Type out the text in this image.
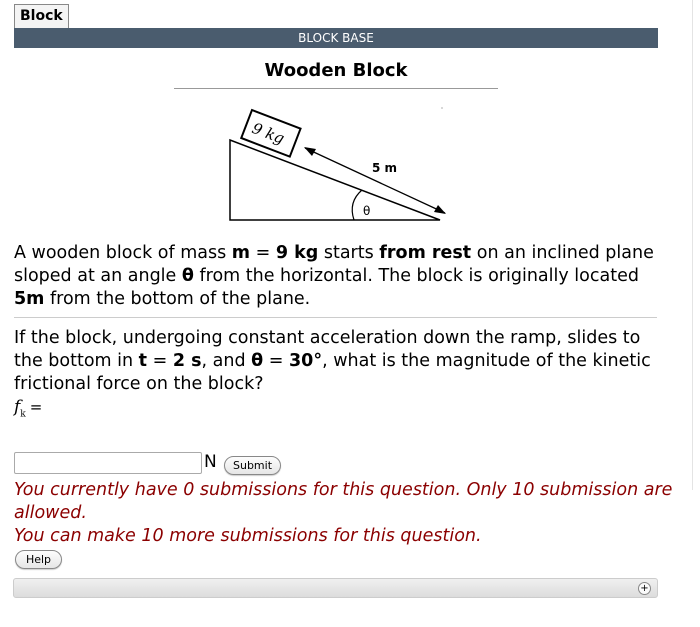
Block
BLOCK BASE
Wooden Block
9 kg
5 m
θ
A wooden block of mass m = 9 kg starts from rest on an inclined plane sloped at an angle θ from the horizontal. The block is originally located 5m from the bottom of the plane.
If the block, undergoing constant acceleration down the ramp, slides to the bottom in t = 2 s, and θ = 30°, what is the magnitude of the kinetic frictional force on the block?
$f_k$ =
N	Submit
You currently have 0 submissions for this question. Only 10 submission are allowed.
You can make 10 more submissions for this question.
Help
+
